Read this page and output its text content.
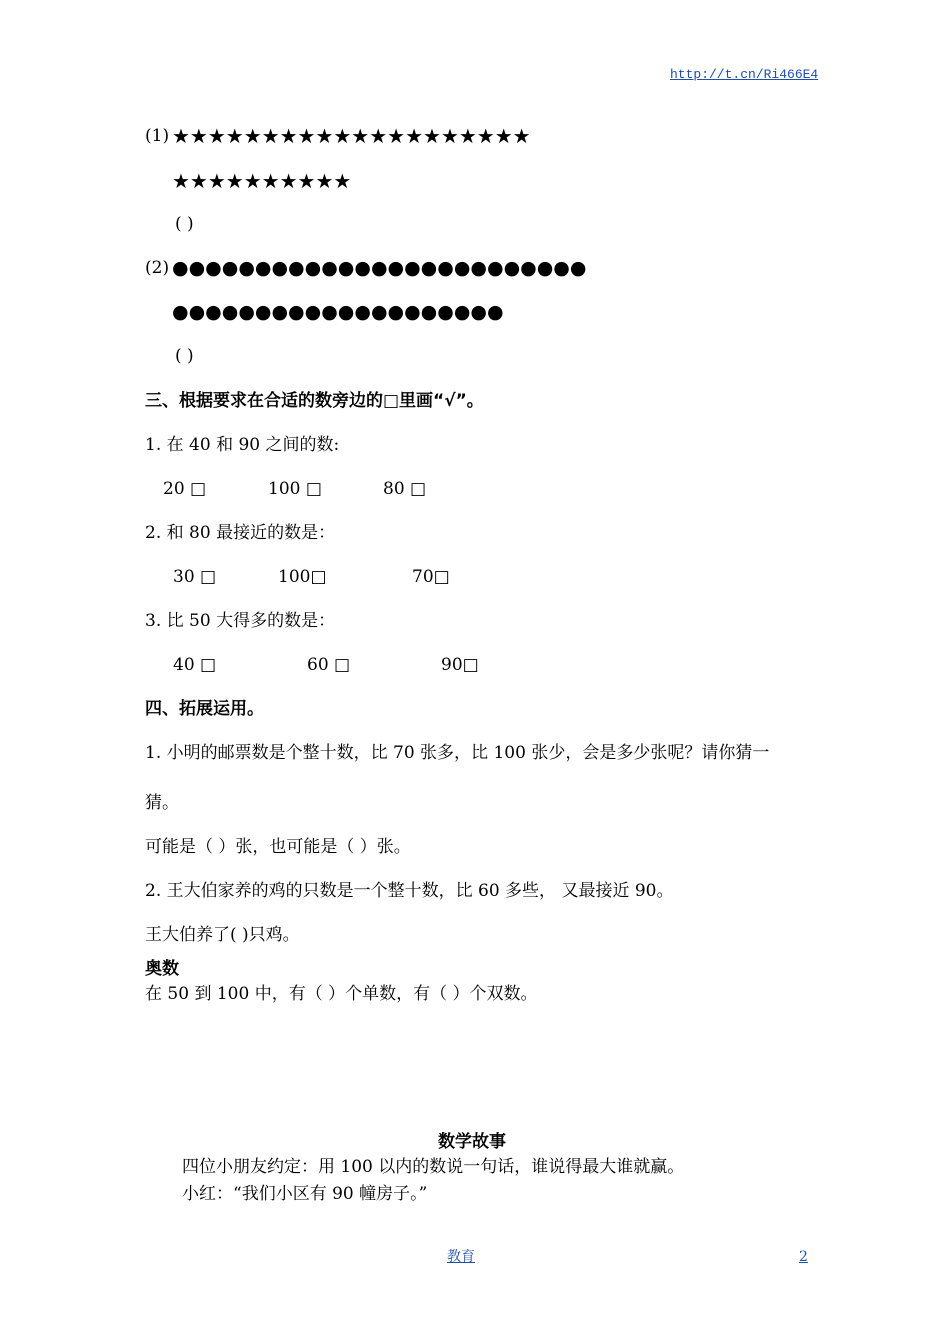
http://t.cn/Ri466E4
(1) ★★★★★★★★★★★★★★★★★★★★
★★★★★★★★★★
( )
(2) ●●●●●●●●●●●●●●●●●●●●●●●●●
●●●●●●●●●●●●●●●●●●●●
( )
三、根据要求在合适的数旁边的□里画“√”。
1. 在 40 和 90 之间的数:
20 □	100 □	80 □
2. 和 80 最接近的数是：
30 □	100□	70□
3. 比 50 大得多的数是：
40 □	60 □	90□
四、拓展运用。
1. 小明的邮票数是个整十数，比 70 张多，比 100 张少，会是多少张呢？请你猜一
猜。
可能是（ ）张，也可能是（ ）张。
2. 王大伯家养的鸡的只数是一个整十数，比 60 多些， 又最接近 90。
王大伯养了( )只鸡。
奥数
在 50 到 100 中，有（ ）个单数，有（ ）个双数。
数学故事
四位小朋友约定：用 100 以内的数说一句话，谁说得最大谁就赢。
小红：“我们小区有 90 幢房子。”
教育	2
